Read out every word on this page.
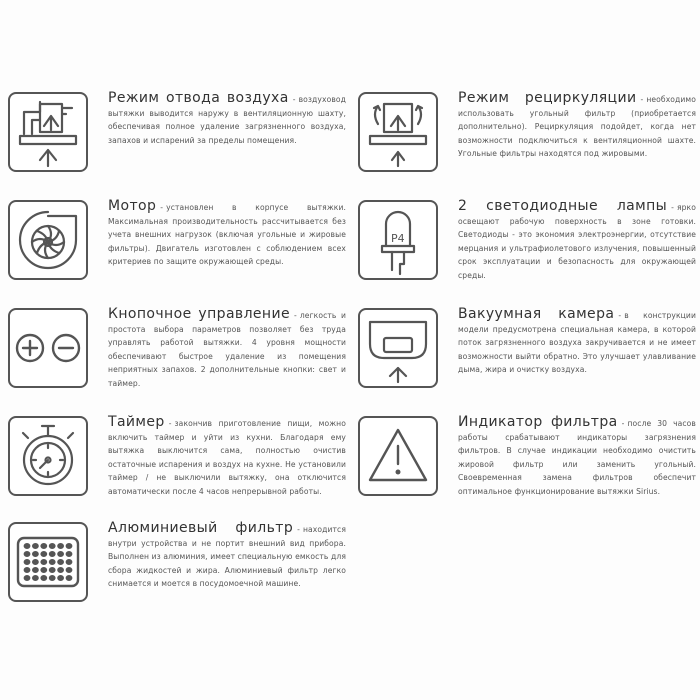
Режим отвода воздуха - воздуховод вытяжки выводится наружу в вентиляционную шахту, обеспечивая полное удаление загрязненного воздуха, запахов и испарений за пределы помещения.
Режим рециркуляции - необходимо использовать угольный фильтр (приобретается дополнительно). Рециркуляция подойдет, когда нет возможности подключиться к вентиляционной шахте. Угольные фильтры находятся под жировыми.
Мотор - установлен в корпусе вытяжки. Максимальная производительность рассчитывается без учета внешних нагрузок (включая угольные и жировые фильтры). Двигатель изготовлен с соблюдением всех критериев по защите окружающей среды.
P4
2 светодиодные лампы - ярко освещают рабочую поверхность в зоне готовки. Светодиоды - это экономия электроэнергии, отсутствие мерцания и ультрафиолетового излучения, повышенный срок эксплуатации и безопасность для окружающей среды.
Кнопочное управление - легкость и простота выбора параметров позволяет без труда управлять работой вытяжки. 4 уровня мощности обеспечивают быстрое удаление из помещения неприятных запахов. 2 дополнительные кнопки: свет и таймер.
Вакуумная камера - в конструкции модели предусмотрена специальная камера, в которой поток загрязненного воздуха закручивается и не имеет возможности выйти обратно. Это улучшает улавливание дыма, жира и очистку воздуха.
Таймер - закончив приготовление пищи, можно включить таймер и уйти из кухни. Благодаря ему вытяжка выключится сама, полностью очистив остаточные испарения и воздух на кухне. Не установили таймер / не выключили вытяжку, она отключится автоматически после 4 часов непрерывной работы.
Индикатор фильтра - после 30 часов работы срабатывают индикаторы загрязнения фильтров. В случае индикации необходимо очистить жировой фильтр или заменить угольный. Своевременная замена фильтров обеспечит оптимальное функционирование вытяжки Sirius.
Алюминиевый фильтр - находится внутри устройства и не портит внешний вид прибора. Выполнен из алюминия, имеет специальную емкость для сбора жидкостей и жира. Алюминиевый фильтр легко снимается и моется в посудомоечной машине.
